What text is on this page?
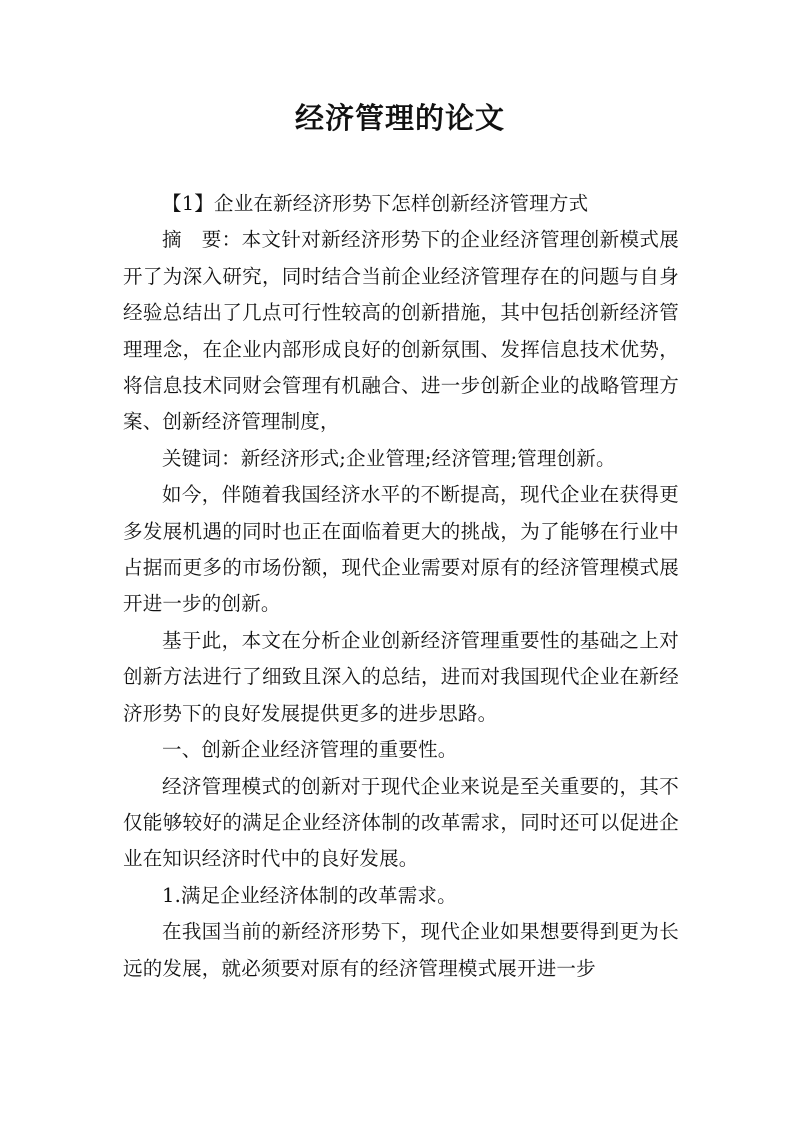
经济管理的论文

【1】企业在新经济形势下怎样创新经济管理方式

摘　要：本文针对新经济形势下的企业经济管理创新模式展开了为深入研究，同时结合当前企业经济管理存在的问题与自身经验总结出了几点可行性较高的创新措施，其中包括创新经济管理理念，在企业内部形成良好的创新氛围、发挥信息技术优势，将信息技术同财会管理有机融合、进一步创新企业的战略管理方案、创新经济管理制度，

关键词：新经济形式;企业管理;经济管理;管理创新。

如今，伴随着我国经济水平的不断提高，现代企业在获得更多发展机遇的同时也正在面临着更大的挑战，为了能够在行业中占据而更多的市场份额，现代企业需要对原有的经济管理模式展开进一步的创新。

基于此，本文在分析企业创新经济管理重要性的基础之上对创新方法进行了细致且深入的总结，进而对我国现代企业在新经济形势下的良好发展提供更多的进步思路。

一、创新企业经济管理的重要性。

经济管理模式的创新对于现代企业来说是至关重要的，其不仅能够较好的满足企业经济体制的改革需求，同时还可以促进企业在知识经济时代中的良好发展。

1.满足企业经济体制的改革需求。

在我国当前的新经济形势下，现代企业如果想要得到更为长远的发展，就必须要对原有的经济管理模式展开进一步
